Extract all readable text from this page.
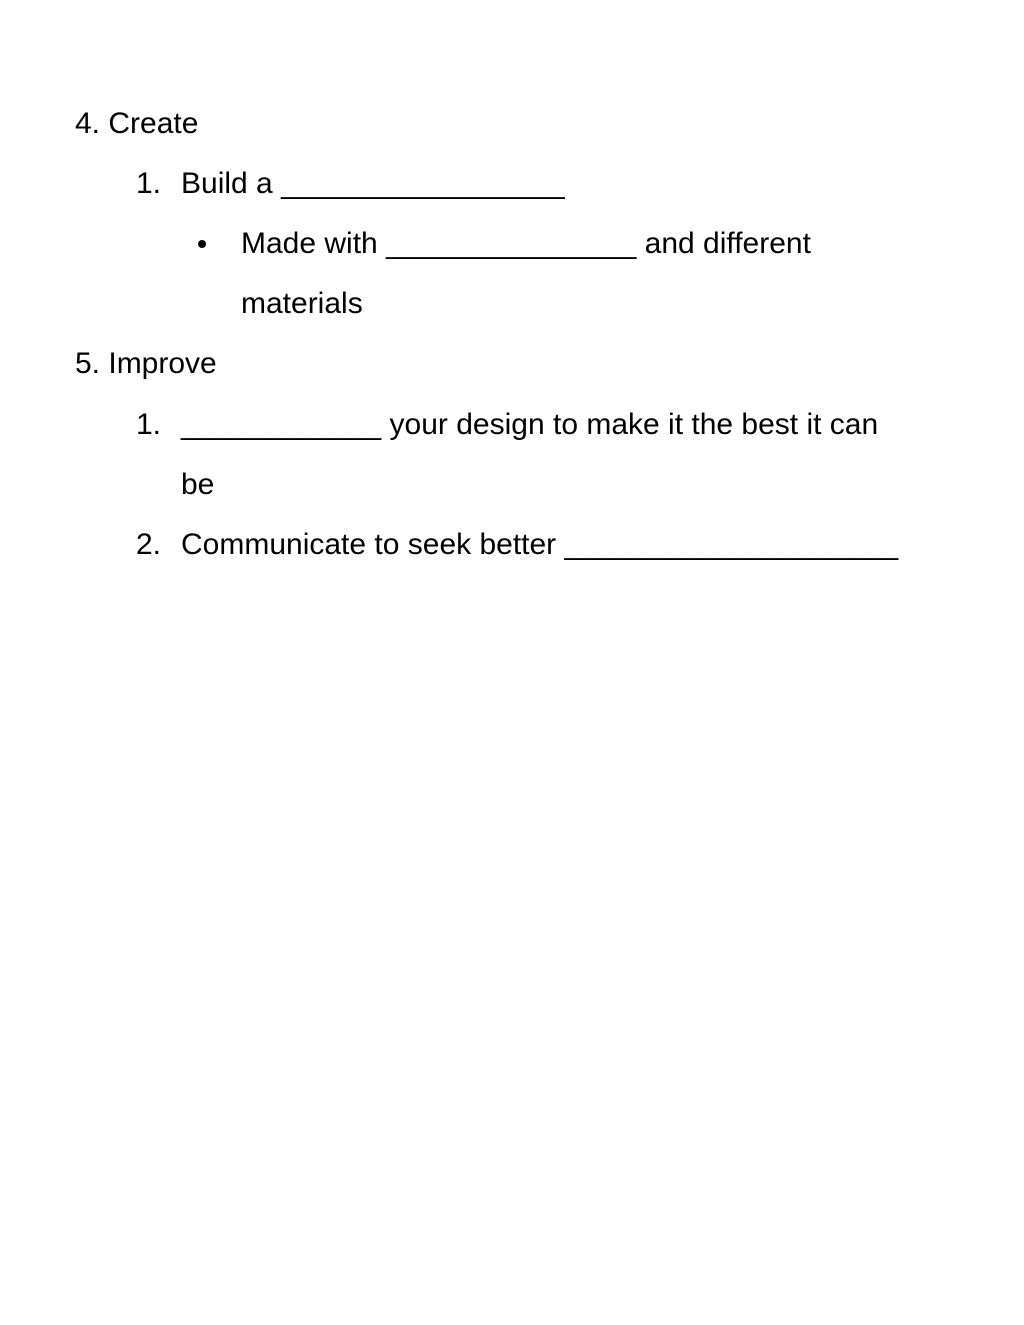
4. Create
1. Build a _________________
Made with _______________ and different
materials
5. Improve
1. ____________ your design to make it the best it can
be
2. Communicate to seek better ____________________
